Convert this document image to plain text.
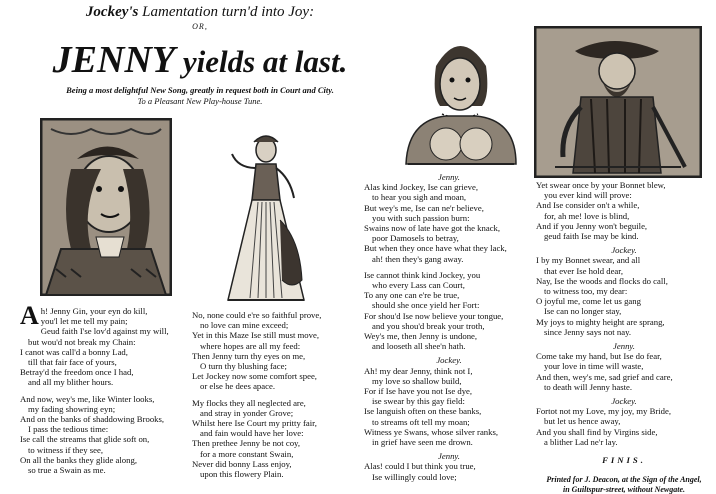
Jockey's Lamentation turn'd into Joy:
OR,
JENNY yields at last.
Being a most delightful New Song, greatly in request both in Court and City.
To a Pleasant New Play-house Tune.
A h! Jenny Gin, your eyn do kill,
you'l let me tell my pain;
Geud faith I'se lov'd against my will,
but wou'd not break my Chain:
I canot was call'd a bonny Lad,
till that fair face of yours,
Betray'd the freedom once I had,
and all my blither hours.
And now, wey's me, like Winter looks,
my fading showring eyn;
And on the banks of shaddowing Brooks,
I pass the tedious time:
Ise call the streams that glide soft on,
to witness if they see,
On all the banks they glide along,
so true a Swain as me.
No, none could e're so faithful prove,
no love can mine exceed;
Yet in this Maze Ise still must move,
where hopes are all my feed:
Then Jenny turn thy eyes on me,
O turn thy blushing face;
Let Jockey now some comfort spee,
or else he dees apace.
My flocks they all neglected are,
and stray in yonder Grove;
Whilst here Ise Court my pritty fair,
and fain would have her love:
Then prethee Jenny be not coy,
for a more constant Swain,
Never did bonny Lass enjoy,
upon this flowery Plain.
Jenny.
Alas kind Jockey, Ise can grieve,
to hear you sigh and moan,
But wey's me, Ise can ne'r believe,
you with such passion burn:
Swains now of late have got the knack,
poor Damosels to betray,
But when they once have what they lack,
ah! then they's gang away.
Ise cannot think kind Jockey, you
who every Lass can Court,
To any one can e're be true,
should she once yield her Fort:
For shou'd Ise now believe your tongue,
and you shou'd break your troth,
Wey's me, then Jenny is undone,
and looseth all shee'n hath.
Jockey.
Ah! my dear Jenny, think not I,
my love so shallow build,
For if Ise have you not Ise dye,
ise swear by this gay field:
Ise languish often on these banks,
to streams oft tell my moan;
Witness ye Swans, whose silver ranks,
in grief have seen me drown.
Jenny.
Alas! could I but think you true,
Ise willingly could love;
Yet swear once by your Bonnet blew,
you ever kind will prove:
And Ise consider on't a while,
for, ah me! love is blind,
And if you Jenny won't beguile,
geud faith Ise may be kind.
Jockey.
I by my Bonnet swear, and all
that ever Ise hold dear,
Nay, Ise the woods and flocks do call,
to witness too, my dear:
O joyful me, come let us gang
Ise can no longer stay,
My joys to mighty height are sprang,
since Jenny says not nay.
Jenny.
Come take my hand, but Ise do fear,
your love in time will waste,
And then, wey's me, sad grief and care,
to death will Jenny haste.
Jockey.
Fortot not my Love, my joy, my Bride,
but let us hence away,
And you shall find by Virgins side,
a blither Lad ne'r lay.
FINIS.
Printed for J. Deacon, at the Sign of the Angel,
in Guiltspur-street, without Newgate.
